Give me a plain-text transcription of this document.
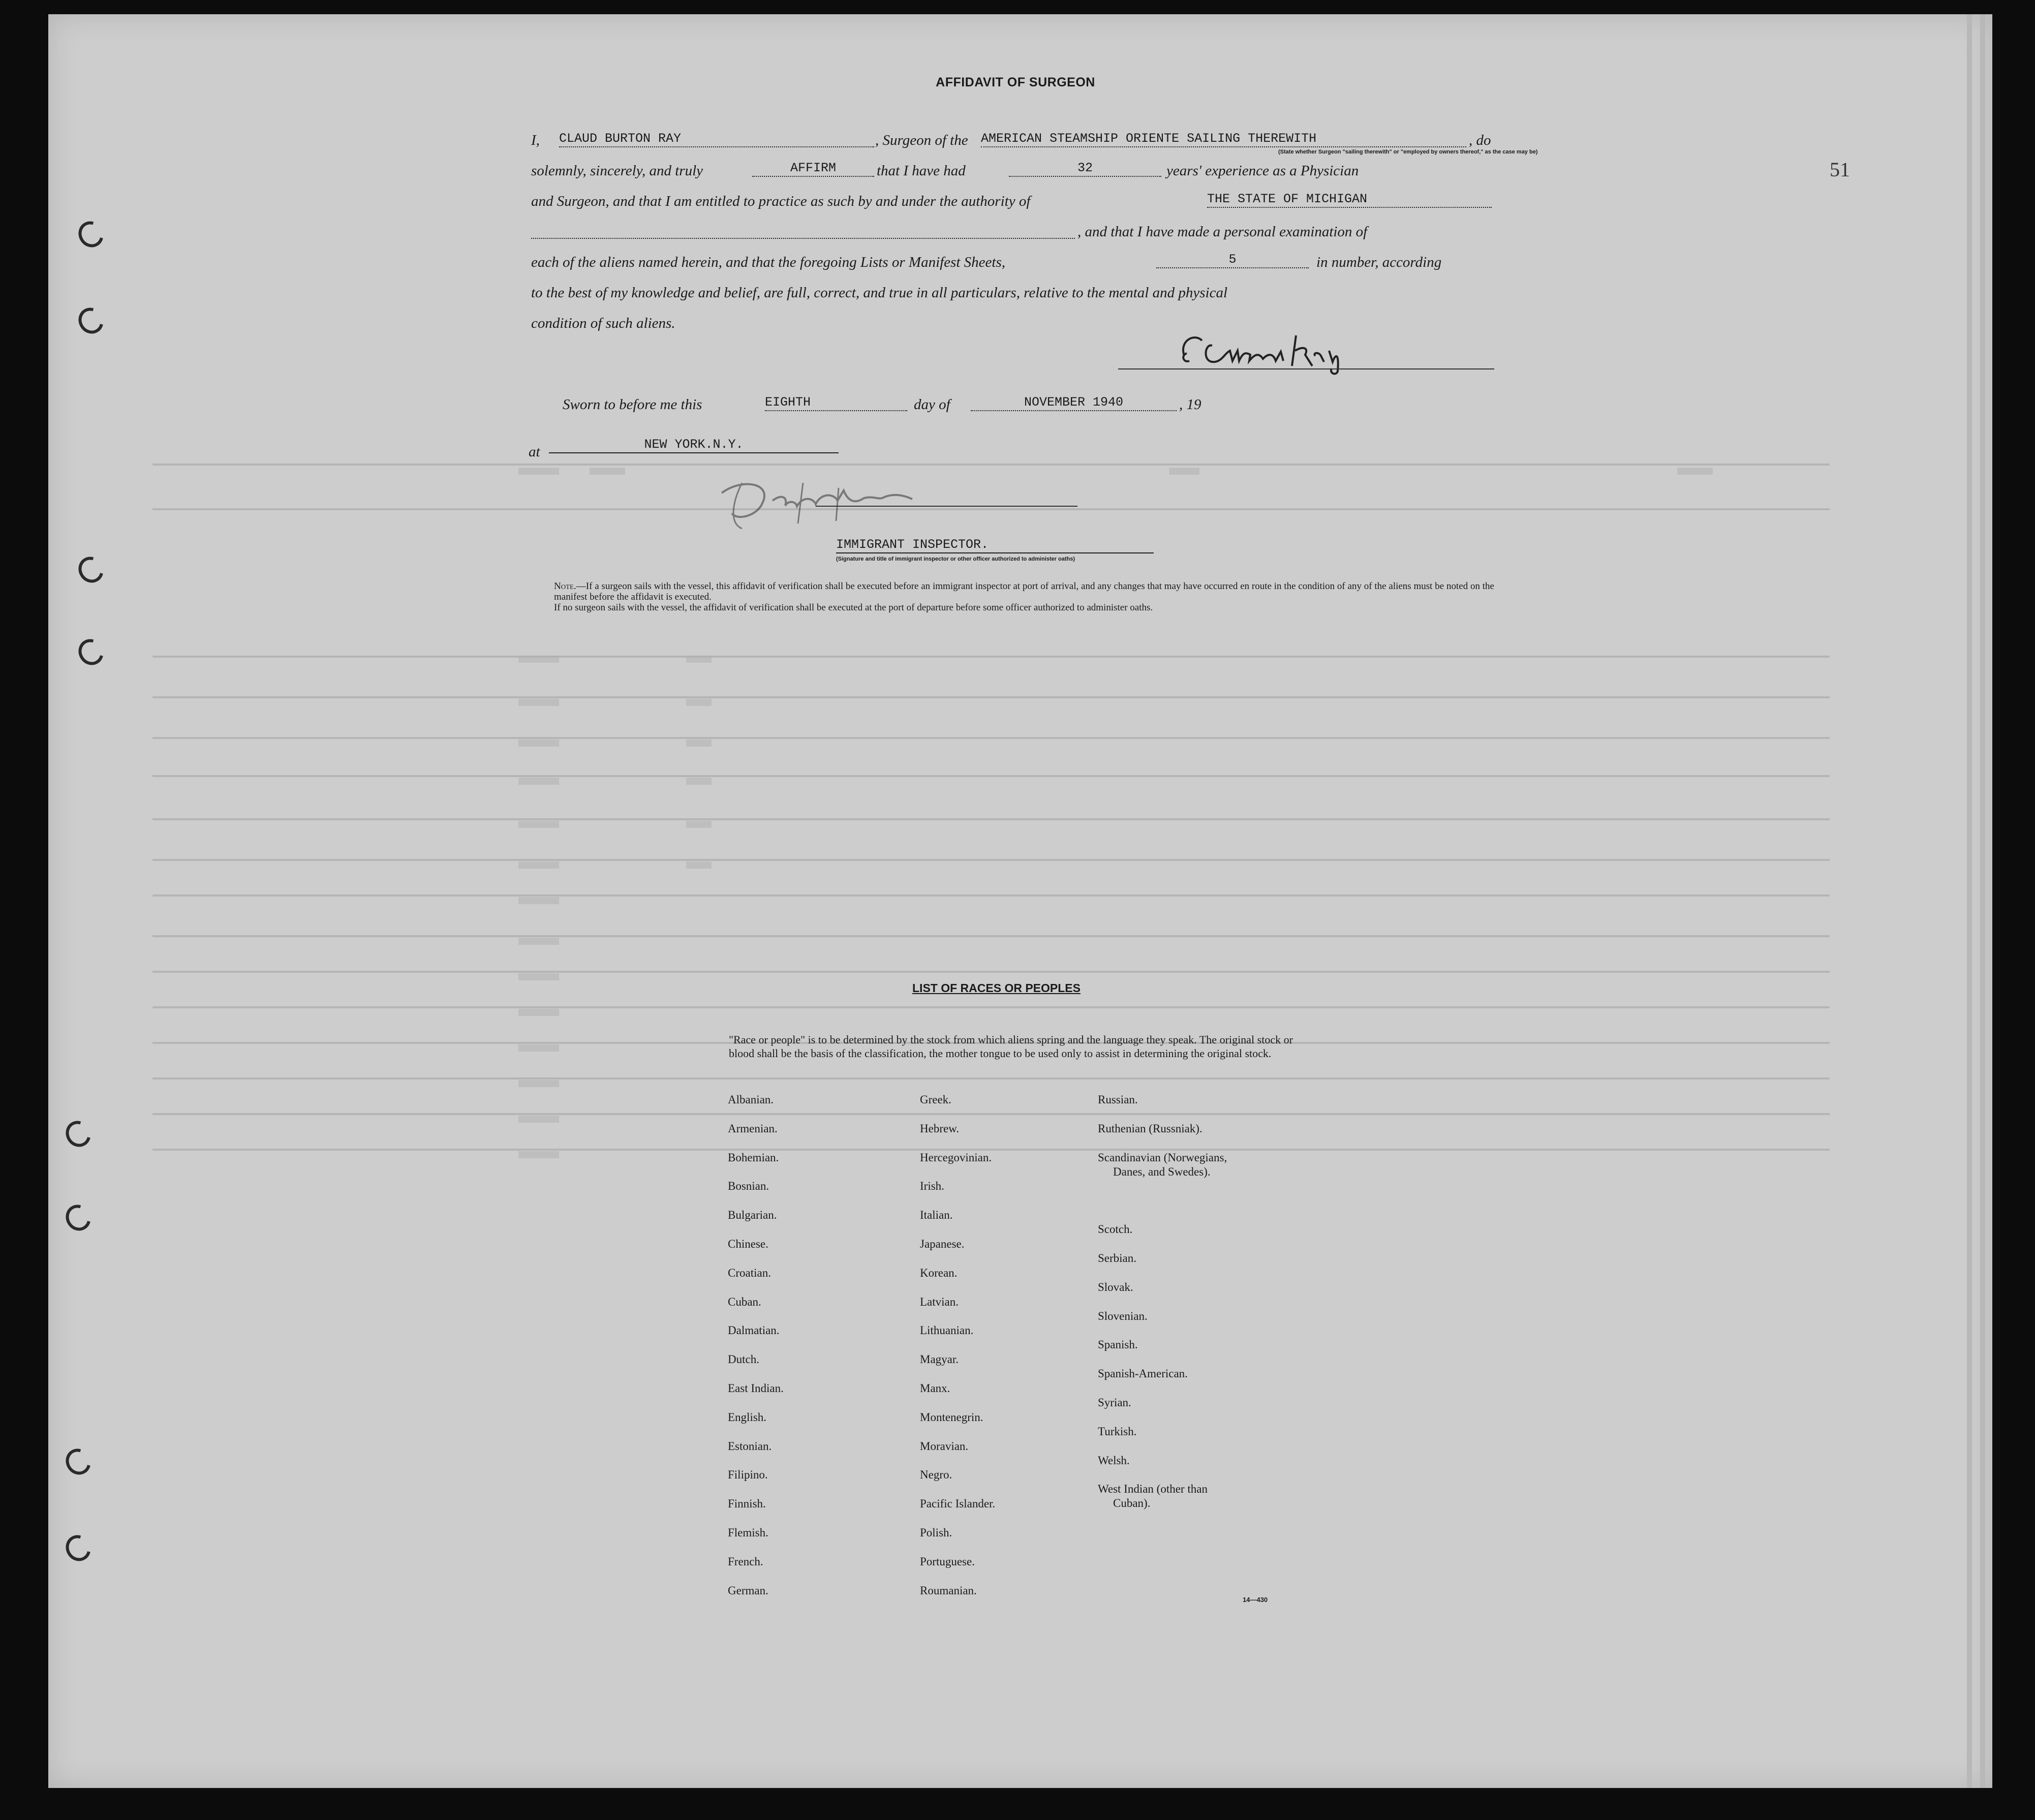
AFFIDAVIT OF SURGEON
51
I, CLAUD BURTON RAY	, Surgeon of the AMERICAN STEAMSHIP ORIENTE SAILING THEREWITH	, do
(State whether Surgeon "sailing therewith" or "employed by owners thereof," as the case may be)
solemnly, sincerely, and truly	AFFIRM	that I have had	32	years' experience as a Physician
and Surgeon, and that I am entitled to practice as such by and under the authority of	THE STATE OF MICHIGAN
, and that I have made a personal examination of
each of the aliens named herein, and that the foregoing Lists or Manifest Sheets,	5	in number, according
to the best of my knowledge and belief, are full, correct, and true in all particulars, relative to the mental and physical
condition of such aliens.
Sworn to before me this	EIGHTH	day of	NOVEMBER 1940	, 19
at	NEW YORK.N.Y.
IMMIGRANT INSPECTOR.
(Signature and title of immigrant inspector or other officer authorized to administer oaths)
Note.—If a surgeon sails with the vessel, this affidavit of verification shall be executed before an immigrant inspector at port of arrival, and any changes that may have occurred en route in the condition of any of the aliens must be noted on the manifest before the affidavit is executed.
If no surgeon sails with the vessel, the affidavit of verification shall be executed at the port of departure before some officer authorized to administer oaths.
LIST OF RACES OR PEOPLES
"Race or people" is to be determined by the stock from which aliens spring and the language they speak. The original stock or blood shall be the basis of the classification, the mother tongue to be used only to assist in determining the original stock.
Albanian.
Armenian.
Bohemian.
Bosnian.
Bulgarian.
Chinese.
Croatian.
Cuban.
Dalmatian.
Dutch.
East Indian.
English.
Estonian.
Filipino.
Finnish.
Flemish.
French.
German.
Greek.
Hebrew.
Hercegovinian.
Irish.
Italian.
Japanese.
Korean.
Latvian.
Lithuanian.
Magyar.
Manx.
Montenegrin.
Moravian.
Negro.
Pacific Islander.
Polish.
Portuguese.
Roumanian.
Russian.
Ruthenian (Russniak).
Scandinavian (Norwegians,
Danes, and Swedes).
Scotch.
Serbian.
Slovak.
Slovenian.
Spanish.
Spanish-American.
Syrian.
Turkish.
Welsh.
West Indian (other than
Cuban).
14—430
